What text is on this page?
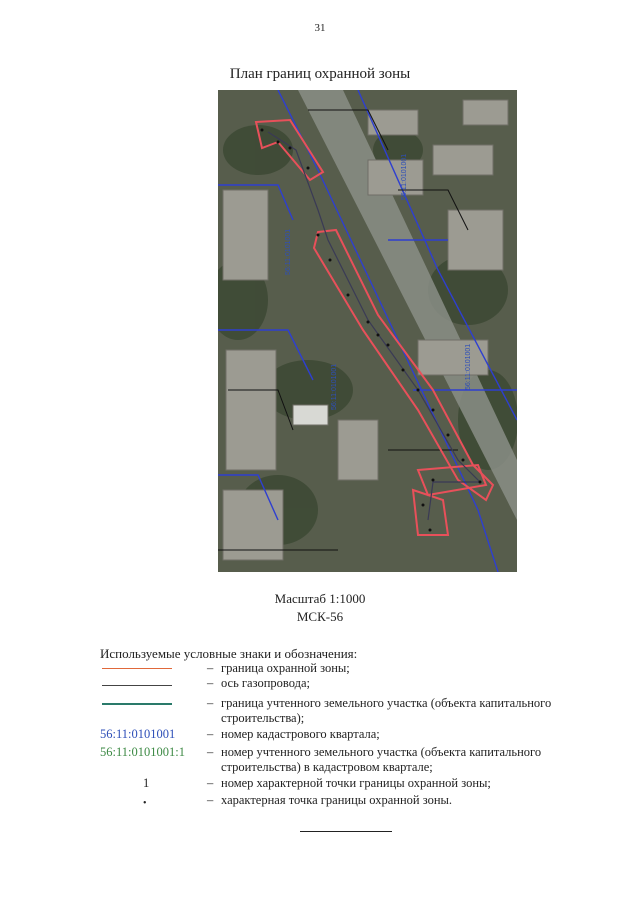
31
План границ охранной зоны
56:11:0101001
56:11:0101001
56:11:0101001
56:11:0101001
Масштаб 1:1000
МСК-56
Используемые условные знаки и обозначения:
– граница охранной зоны;
– ось газопровода;
– граница учтенного земельного участка (объекта капитального строительства);
56:11:0101001	– номер кадастрового квартала;
56:11:0101001:1	– номер учтенного земельного участка (объекта капитального строительства) в кадастровом квартале;
1	– номер характерной точки границы охранной зоны;
•	– характерная точка границы охранной зоны.
